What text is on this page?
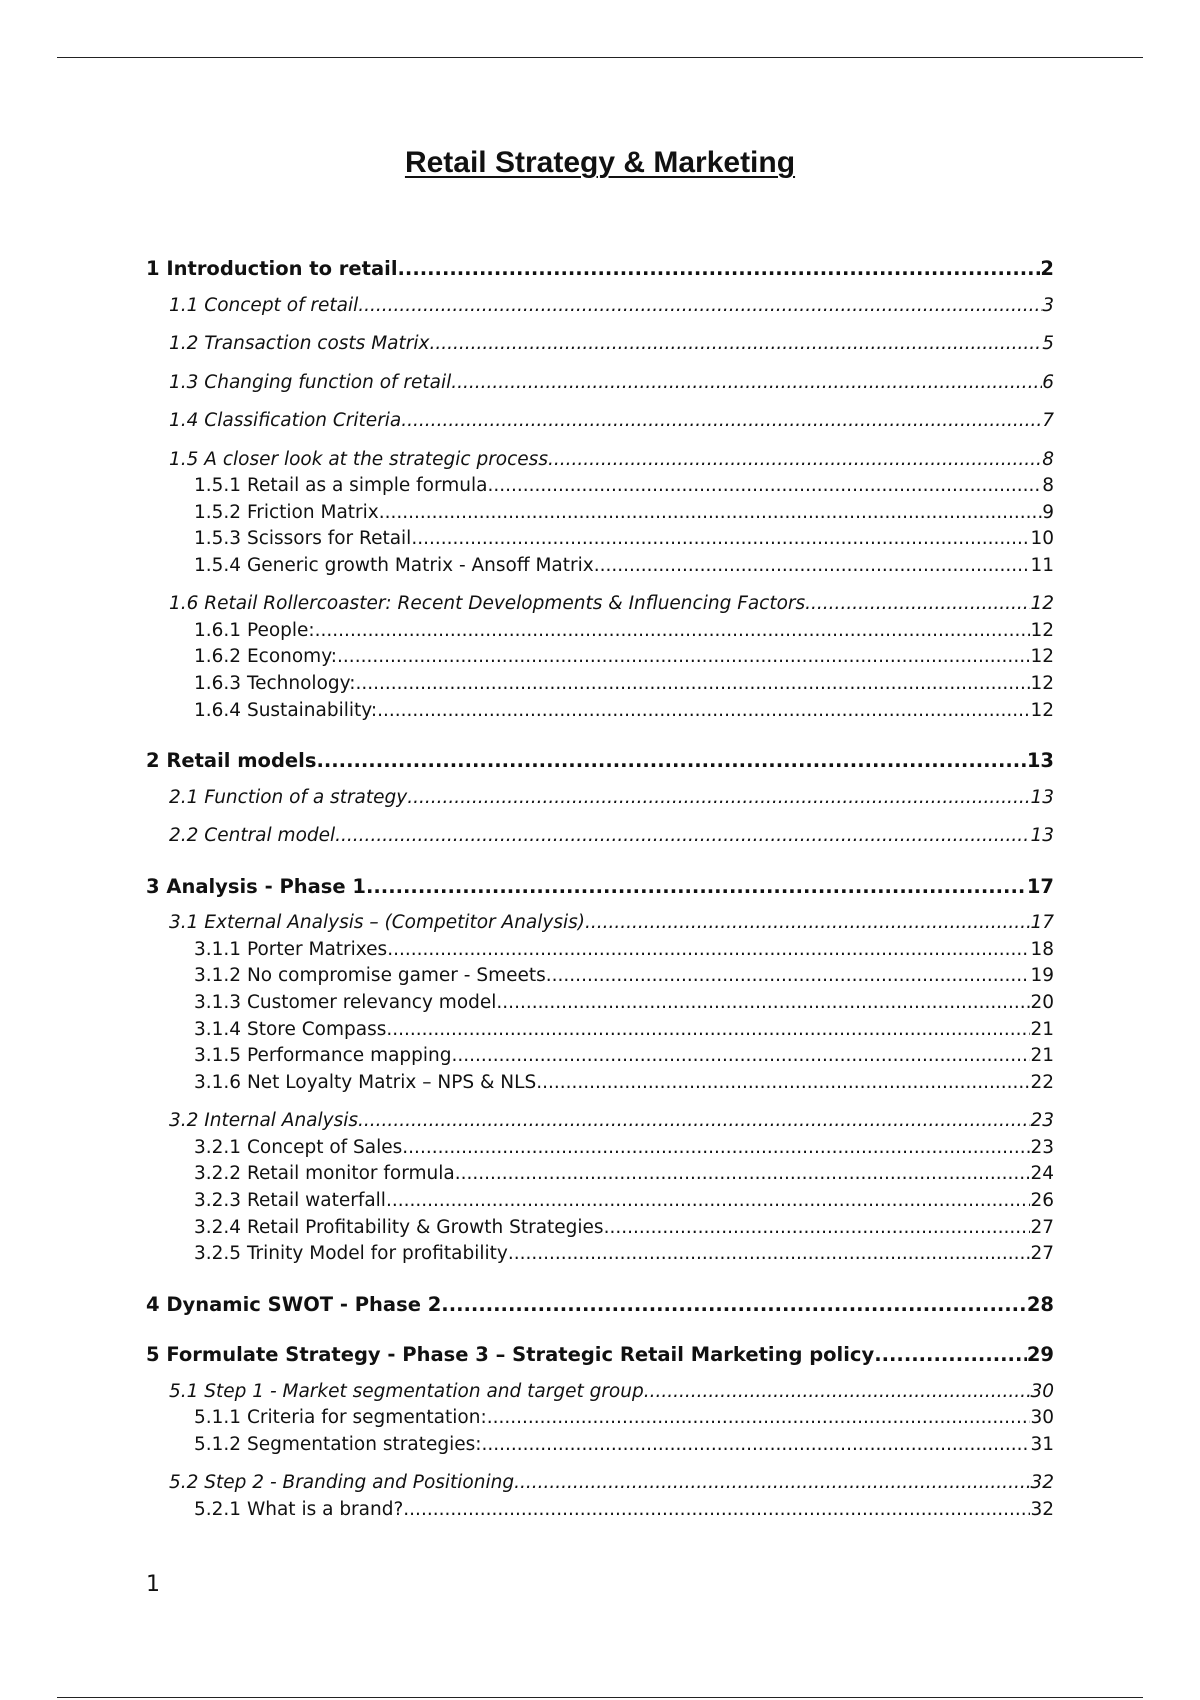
Retail Strategy & Marketing
1 Introduction to retail .....	2
1.1 Concept of retail .....	3
1.2 Transaction costs Matrix .....	5
1.3 Changing function of retail .....	6
1.4 Classification Criteria .....	7
1.5 A closer look at the strategic process .....	8
1.5.1 Retail as a simple formula .....	8
1.5.2 Friction Matrix .....	9
1.5.3 Scissors for Retail .....	10
1.5.4 Generic growth Matrix - Ansoff Matrix .....	11
1.6 Retail Rollercoaster: Recent Developments & Influencing Factors .....	12
1.6.1 People: .....	12
1.6.2 Economy: .....	12
1.6.3 Technology: .....	12
1.6.4 Sustainability: .....	12
2 Retail models .....	13
2.1 Function of a strategy .....	13
2.2 Central model .....	13
3 Analysis - Phase 1 .....	17
3.1 External Analysis – (Competitor Analysis) .....	17
3.1.1 Porter Matrixes .....	18
3.1.2 No compromise gamer - Smeets .....	19
3.1.3 Customer relevancy model .....	20
3.1.4 Store Compass .....	21
3.1.5 Performance mapping .....	21
3.1.6 Net Loyalty Matrix – NPS & NLS .....	22
3.2 Internal Analysis .....	23
3.2.1 Concept of Sales .....	23
3.2.2 Retail monitor formula .....	24
3.2.3 Retail waterfall .....	26
3.2.4 Retail Profitability & Growth Strategies .....	27
3.2.5 Trinity Model for profitability .....	27
4 Dynamic SWOT - Phase 2 .....	28
5 Formulate Strategy - Phase 3 – Strategic Retail Marketing policy .....	29
5.1 Step 1 - Market segmentation and target group .....	30
5.1.1 Criteria for segmentation: .....	30
5.1.2 Segmentation strategies: .....	31
5.2 Step 2 - Branding and Positioning .....	32
5.2.1 What is a brand? .....	32
1
